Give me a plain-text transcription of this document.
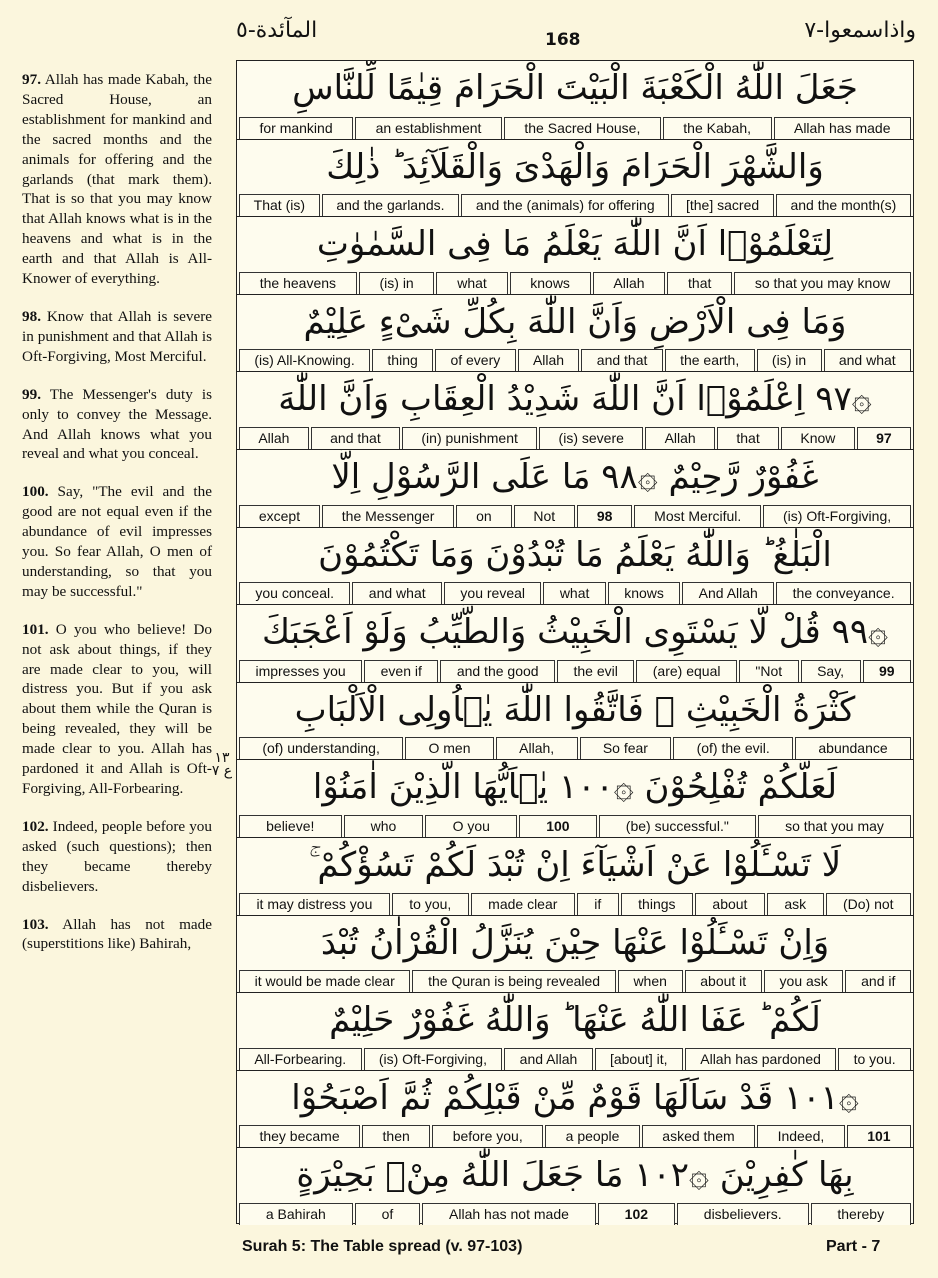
المآئدة-٥	168	واذاسمعوا-٧

97. Allah has made Kabah, the Sacred House, an establishment for mankind and the sacred months and the animals for offering and the garlands (that mark them). That is so that you may know that Allah knows what is in the heavens and what is in the earth and that Allah is All-Knower of everything.

98. Know that Allah is severe in punishment and that Allah is Oft-Forgiving, Most Merciful.

99. The Messenger's duty is only to convey the Message. And Allah knows what you reveal and what you conceal.

100. Say, "The evil and the good are not equal even if the abundance of evil impresses you. So fear Allah, O men of understanding, so that you may be successful."

101. O you who believe! Do not ask about things, if they are made clear to you, will distress you. But if you ask about them while the Quran is being revealed, they will be made clear to you. Allah has pardoned it and Allah is Oft-Forgiving, All-Forbearing.

102. Indeed, people before you asked (such questions); then they became thereby disbelievers.

103. Allah has not made (superstitions like) Bahirah,

١٣ ع ٧
جَعَلَ اللّٰهُ الْكَعْبَةَ الْبَيْتَ الْحَرَامَ قِيٰمًا لِّلنَّاسِ
for mankind	an establishment	the Sacred House,	the Kabah,	Allah has made
وَالشَّهْرَ الْحَرَامَ وَالْهَدْىَ وَالْقَلَآئِدَ ؕ ذٰلِكَ
That (is)	and the garlands.	and the (animals) for offering	[the] sacred	and the month(s)
لِتَعْلَمُوْۤا اَنَّ اللّٰهَ يَعْلَمُ مَا فِى السَّمٰوٰتِ
the heavens	(is) in	what	knows	Allah	that	so that you may know
وَمَا فِى الْاَرْضِ وَاَنَّ اللّٰهَ بِكُلِّ شَىْءٍ عَلِيْمٌ
(is) All-Knowing.	thing	of every	Allah	and that	the earth,	(is) in	and what
۞٩٧ اِعْلَمُوْۤا اَنَّ اللّٰهَ شَدِيْدُ الْعِقَابِ وَاَنَّ اللّٰهَ
Allah	and that	(in) punishment	(is) severe	Allah	that	Know	97
غَفُوْرٌ رَّحِيْمٌ ۞٩٨ مَا عَلَى الرَّسُوْلِ اِلَّا
except	the Messenger	on	Not	98	Most Merciful.	(is) Oft-Forgiving,
الْبَلٰغُ ؕ وَاللّٰهُ يَعْلَمُ مَا تُبْدُوْنَ وَمَا تَكْتُمُوْنَ
you conceal.	and what	you reveal	what	knows	And Allah	the conveyance.
۞٩٩ قُلْ لَّا يَسْتَوِى الْخَبِيْثُ وَالطَّيِّبُ وَلَوْ اَعْجَبَكَ
impresses you	even if	and the good	the evil	(are) equal	"Not	Say,	99
كَثْرَةُ الْخَبِيْثِ ۚ فَاتَّقُوا اللّٰهَ يٰۤاُولِى الْاَلْبَابِ
(of) understanding,	O men	Allah,	So fear	(of) the evil.	abundance
لَعَلَّكُمْ تُفْلِحُوْنَ ۞١٠٠ يٰۤاَيُّهَا الَّذِيْنَ اٰمَنُوْا
believe!	who	O you	100	(be) successful."	so that you may
لَا تَسْـَٔلُوْا عَنْ اَشْيَآءَ اِنْ تُبْدَ لَكُمْ تَسُؤْكُمْ ۚ
it may distress you	to you,	made clear	if	things	about	ask	(Do) not
وَاِنْ تَسْـَٔلُوْا عَنْهَا حِيْنَ يُنَزَّلُ الْقُرْاٰنُ تُبْدَ
it would be made clear	the Quran is being revealed	when	about it	you ask	and if
لَكُمْ ؕ عَفَا اللّٰهُ عَنْهَا ؕ وَاللّٰهُ غَفُوْرٌ حَلِيْمٌ
All-Forbearing.	(is) Oft-Forgiving,	and Allah	[about] it,	Allah has pardoned	to you.
۞١٠١ قَدْ سَاَلَهَا قَوْمٌ مِّنْ قَبْلِكُمْ ثُمَّ اَصْبَحُوْا
they became	then	before you,	a people	asked them	Indeed,	101
بِهَا كٰفِرِيْنَ ۞١٠٢ مَا جَعَلَ اللّٰهُ مِنْۢ بَحِيْرَةٍ
a Bahirah	of	Allah has not made	102	disbelievers.	thereby
Surah 5: The Table spread (v. 97-103)	Part - 7
